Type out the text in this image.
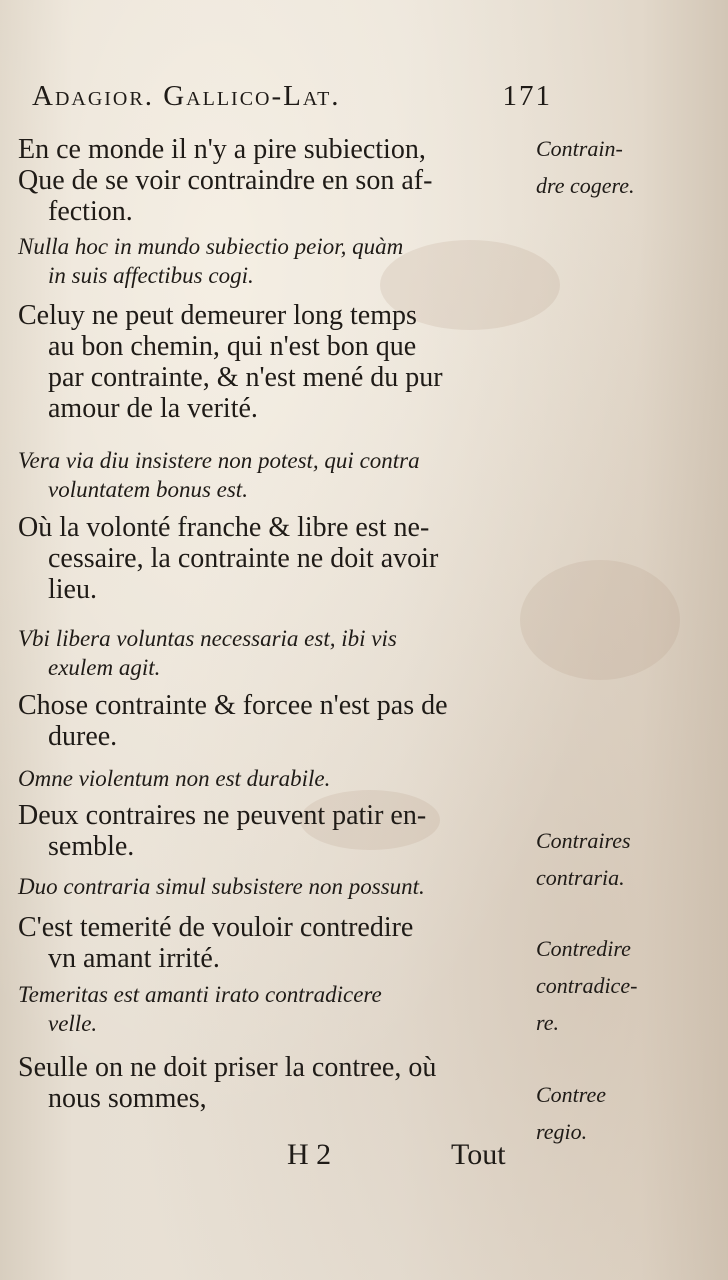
Adagior. Gallico-Lat.	171

En ce monde il n'y a pire subiection,

Que de se voir contraindre en son af-

fection.

Nulla hoc in mundo subiectio peior, quàm

in suis affectibus cogi.

Celuy ne peut demeurer long temps

au bon chemin, qui n'est bon que

par contrainte, & n'est mené du pur

amour de la verité.

Vera via diu insistere non potest, qui contra

voluntatem bonus est.

Où la volonté franche & libre est ne-

cessaire, la contrainte ne doit avoir

lieu.

Vbi libera voluntas necessaria est, ibi vis

exulem agit.

Chose contrainte & forcee n'est pas de

duree.

Omne violentum non est durabile.

Deux contraires ne peuvent patir en-

semble.

Duo contraria simul subsistere non possunt.

C'est temerité de vouloir contredire

vn amant irrité.

Temeritas est amanti irato contradicere

velle.

Seulle on ne doit priser la contree, où

nous sommes,

Contrain-
dre cogere.
Contraires
contraria.
Contredire
contradice-
re.
Contree
regio.
H 2	Tout
